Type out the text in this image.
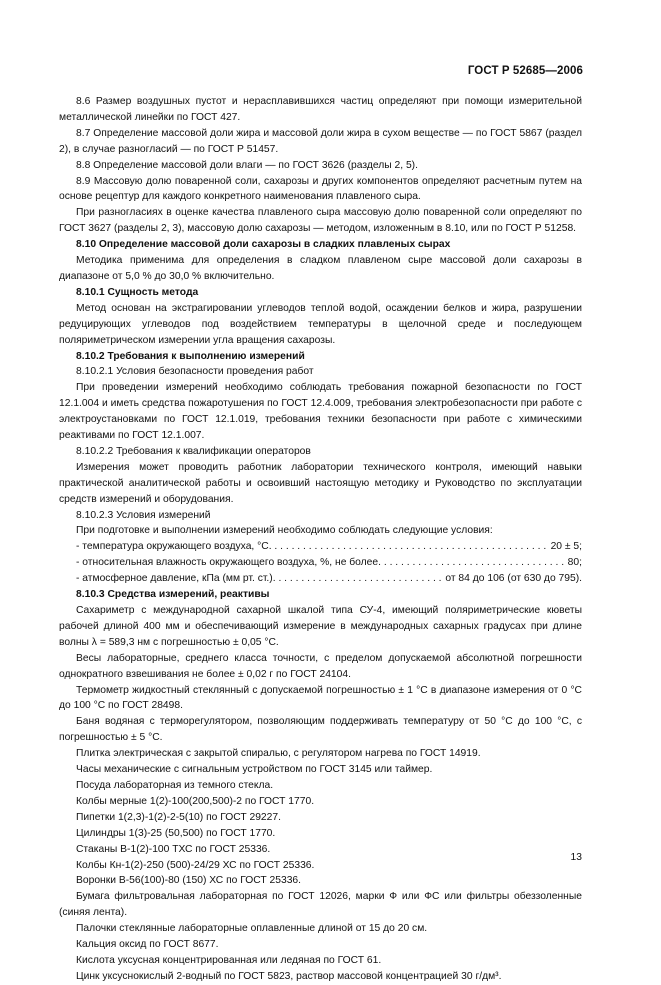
ГОСТ Р 52685—2006

8.6 Размер воздушных пустот и нерасплавившихся частиц определяют при помощи измерительной металлической линейки по ГОСТ 427.

8.7 Определение массовой доли жира и массовой доли жира в сухом веществе — по ГОСТ 5867 (раздел 2), в случае разногласий — по ГОСТ Р 51457.

8.8 Определение массовой доли влаги — по ГОСТ 3626 (разделы 2, 5).

8.9 Массовую долю поваренной соли, сахарозы и других компонентов определяют расчетным путем на основе рецептур для каждого конкретного наименования плавленого сыра.

При разногласиях в оценке качества плавленого сыра массовую долю поваренной соли определяют по ГОСТ 3627 (разделы 2, 3), массовую долю сахарозы — методом, изложенным в 8.10, или по ГОСТ Р 51258.

8.10 Определение массовой доли сахарозы в сладких плавленых сырах

Методика применима для определения в сладком плавленом сыре массовой доли сахарозы в диапазоне от 5,0 % до 30,0 % включительно.

8.10.1 Сущность метода

Метод основан на экстрагировании углеводов теплой водой, осаждении белков и жира, разрушении редуцирующих углеводов под воздействием температуры в щелочной среде и последующем поляриметрическом измерении угла вращения сахарозы.

8.10.2 Требования к выполнению измерений

8.10.2.1 Условия безопасности проведения работ

При проведении измерений необходимо соблюдать требования пожарной безопасности по ГОСТ 12.1.004 и иметь средства пожаротушения по ГОСТ 12.4.009, требования электробезопасности при работе с электроустановками по ГОСТ 12.1.019, требования техники безопасности при работе с химическими реактивами по ГОСТ 12.1.007.

8.10.2.2 Требования к квалификации операторов

Измерения может проводить работник лаборатории технического контроля, имеющий навыки практической аналитической работы и освоивший настоящую методику и Руководство по эксплуатации средств измерений и оборудования.

8.10.2.3 Условия измерений

При подготовке и выполнении измерений необходимо соблюдать следующие условия:

- температура окружающего воздуха, °С . . .	20 ± 5;
- относительная влажность окружающего воздуха, %, не более . . .	80;
- атмосферное давление, кПа (мм рт. ст.) . . .	от 84 до 106 (от 630 до 795).

8.10.3 Средства измерений, реактивы

Сахариметр с международной сахарной шкалой типа СУ-4, имеющий поляриметрические кюветы рабочей длиной 400 мм и обеспечивающий измерение в международных сахарных градусах при длине волны λ = 589,3 нм с погрешностью ± 0,05 °С.

Весы лабораторные, среднего класса точности, с пределом допускаемой абсолютной погрешности однократного взвешивания не более ± 0,02 г по ГОСТ 24104.

Термометр жидкостный стеклянный с допускаемой погрешностью ± 1 °С в диапазоне измерения от 0 °С до 100 °С по ГОСТ 28498.

Баня водяная с терморегулятором, позволяющим поддерживать температуру от 50 °С до 100 °С, с погрешностью ± 5 °С.

Плитка электрическая с закрытой спиралью, с регулятором нагрева по ГОСТ 14919.

Часы механические с сигнальным устройством по ГОСТ 3145 или таймер.

Посуда лабораторная из темного стекла.

Колбы мерные 1(2)-100(200,500)-2 по ГОСТ 1770.

Пипетки 1(2,3)-1(2)-2-5(10) по ГОСТ 29227.

Цилиндры 1(3)-25 (50,500) по ГОСТ 1770.

Стаканы В-1(2)-100 ТХС по ГОСТ 25336.

Колбы Кн-1(2)-250 (500)-24/29 ХС по ГОСТ 25336.

Воронки В-56(100)-80 (150) ХС по ГОСТ 25336.

Бумага фильтровальная лабораторная по ГОСТ 12026, марки Ф или ФС или фильтры обеззоленные (синяя лента).

Палочки стеклянные лабораторные оплавленные длиной от 15 до 20 см.

Кальция оксид по ГОСТ 8677.

Кислота уксусная концентрированная или ледяная по ГОСТ 61.

Цинк уксуснокислый 2-водный по ГОСТ 5823, раствор массовой концентрацией 30 г/дм³.

13
